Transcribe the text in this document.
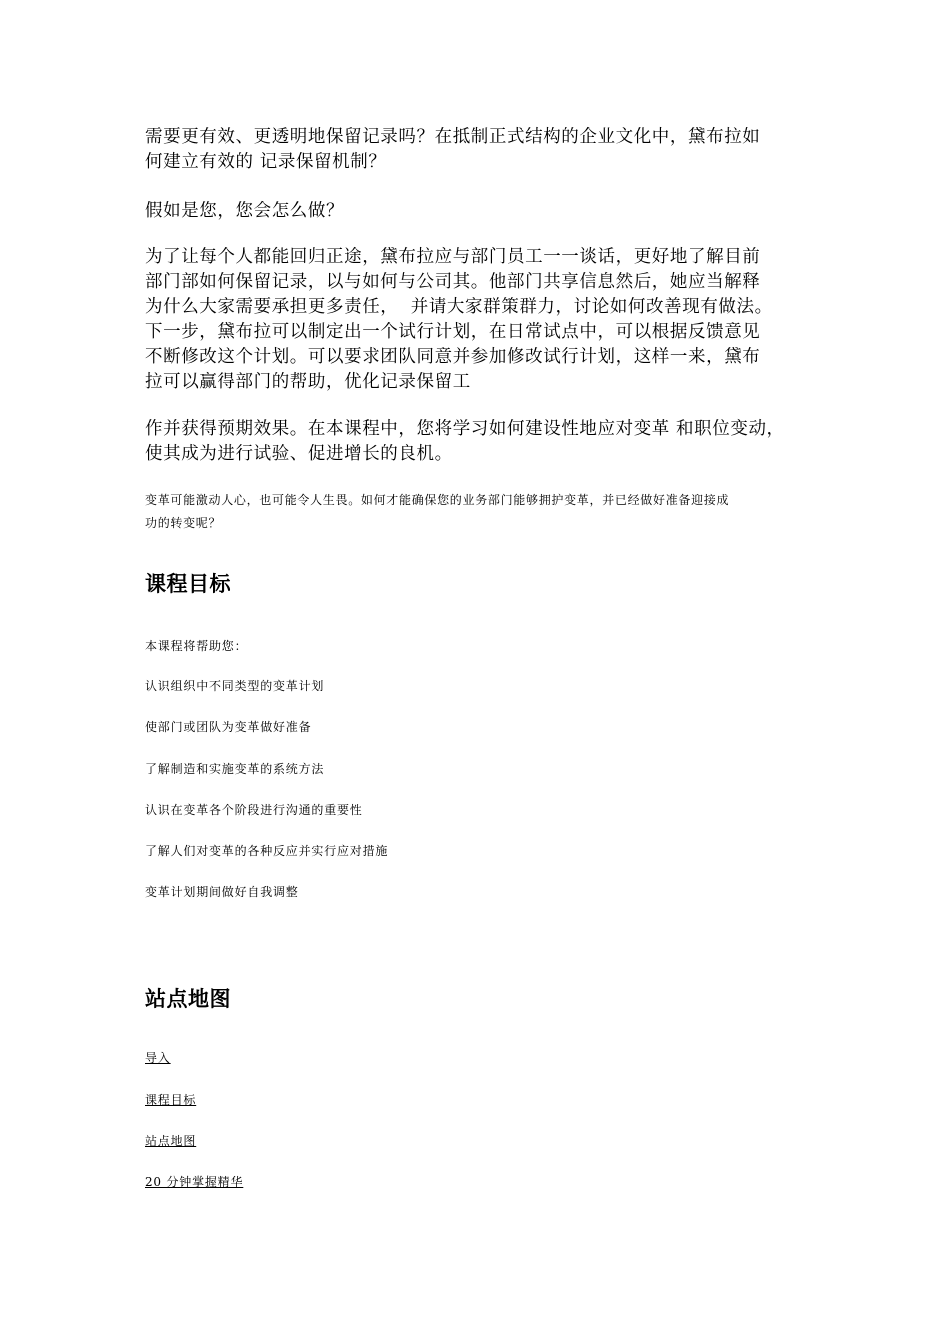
需要更有效、更透明地保留记录吗？在抵制正式结构的企业文化中，黛布拉如
何建立有效的 记录保留机制？

假如是您，您会怎么做？

为了让每个人都能回归正途，黛布拉应与部门员工一一谈话，更好地了解目前
部门部如何保留记录，以与如何与公司其。他部门共享信息然后，她应当解释
为什么大家需要承担更多责任，  并请大家群策群力，讨论如何改善现有做法。
下一步，黛布拉可以制定出一个试行计划，在日常试点中，可以根据反馈意见
不断修改这个计划。可以要求团队同意并参加修改试行计划，这样一来，黛布
拉可以赢得部门的帮助，优化记录保留工

作并获得预期效果。在本课程中，您将学习如何建设性地应对变革 和职位变动，
使其成为进行试验、促进增长的良机。

变革可能激动人心，也可能令人生畏。如何才能确保您的业务部门能够拥护变革，并已经做好准备迎接成
功的转变呢？

课程目标

本课程将帮助您：

认识组织中不同类型的变革计划

使部门或团队为变革做好准备

了解制造和实施变革的系统方法

认识在变革各个阶段进行沟通的重要性

了解人们对变革的各种反应并实行应对措施

变革计划期间做好自我调整

站点地图
导入
课程目标
站点地图
20 分钟掌握精华
